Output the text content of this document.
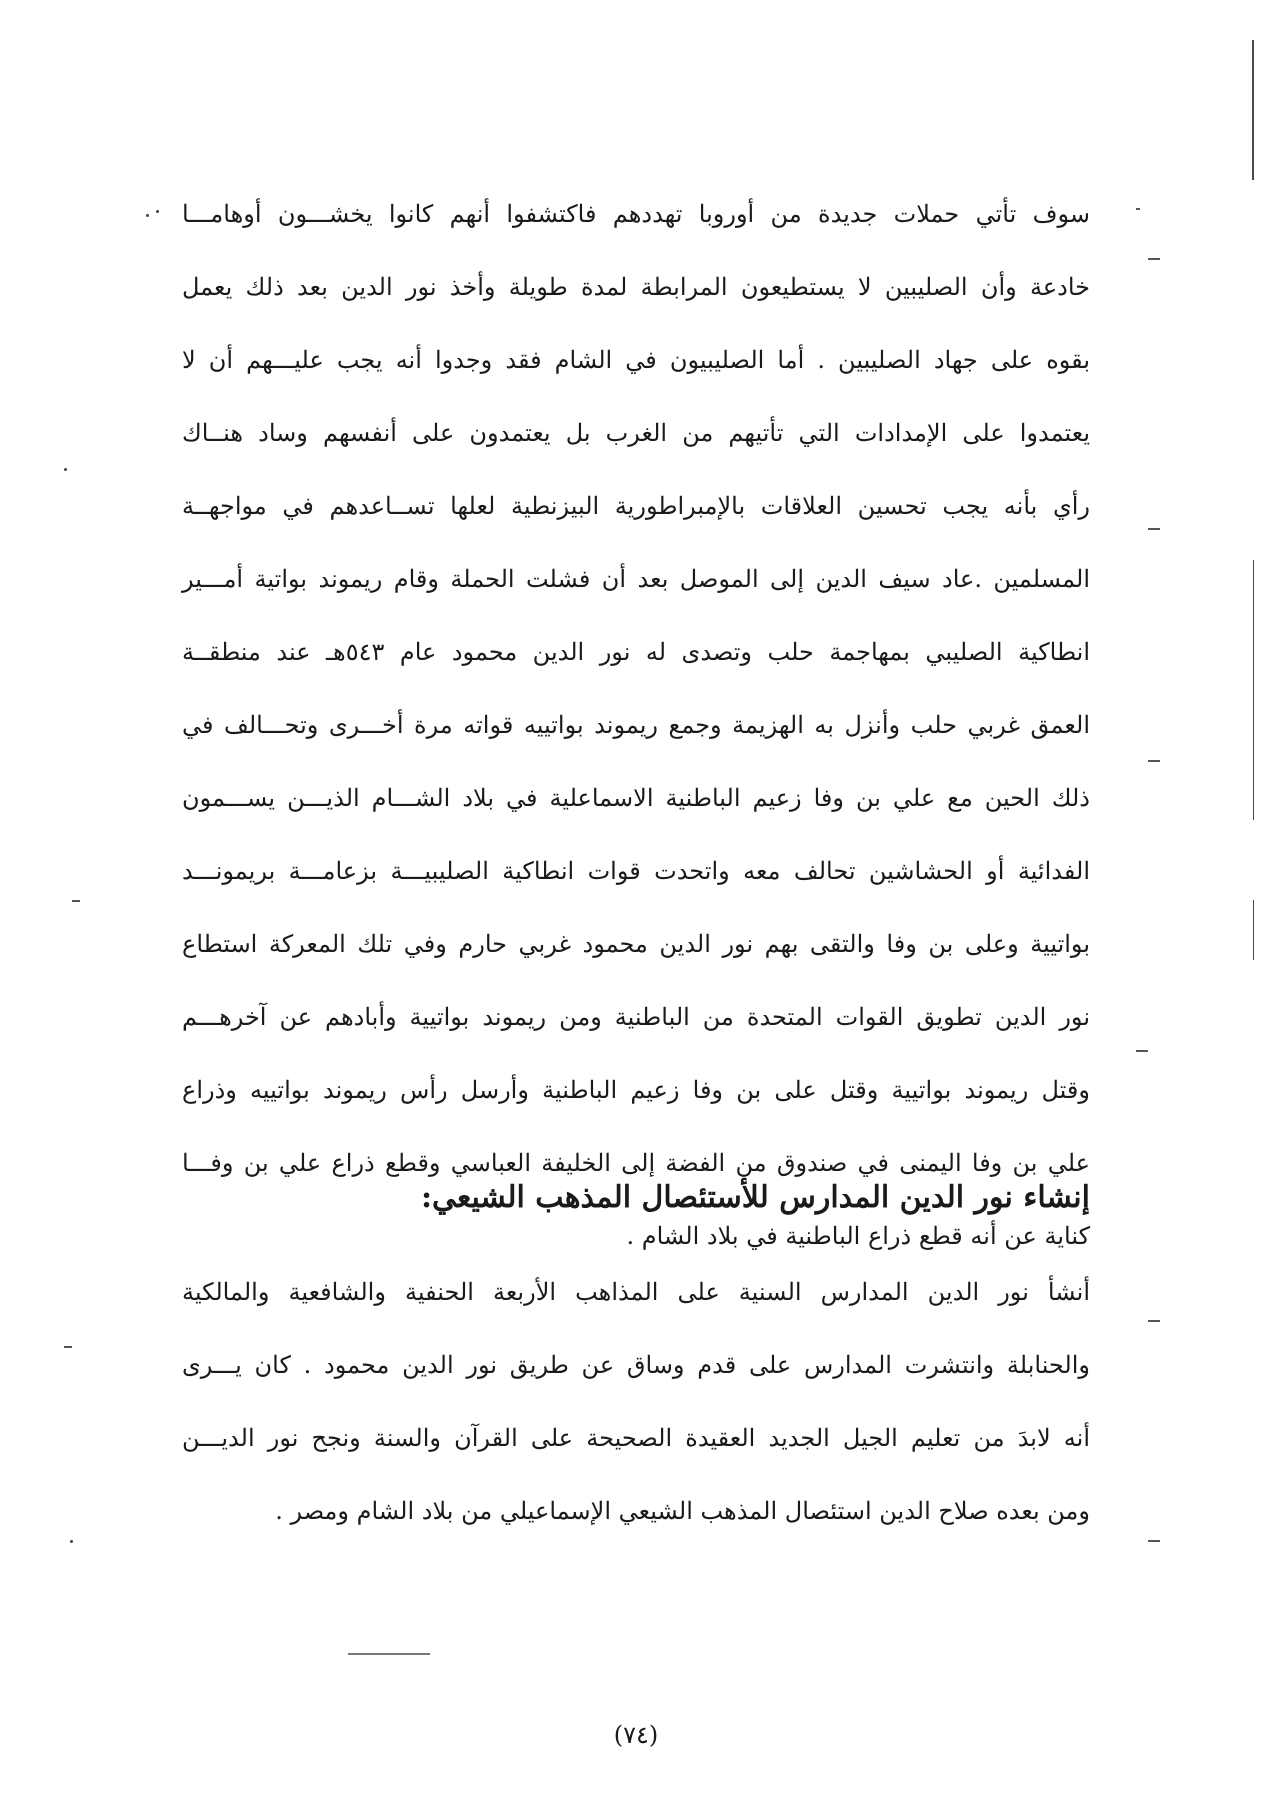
سوف تأتي حملات جديدة من أوروبا تهددهم فاكتشفوا أنهم كانوا يخشـــون أوهامـــا
خادعة وأن الصليبين لا يستطيعون المرابطة لمدة طويلة وأخذ نور الدين بعد ذلك يعمل
بقوه على جهاد الصليبين . أما الصليبيون في الشام فقد وجدوا أنه يجب عليـــهم أن لا
يعتمدوا على الإمدادات التي تأتيهم من الغرب بل يعتمدون على أنفسهم وساد هنــاك
رأي بأنه يجب تحسين العلاقات بالإمبراطورية البيزنطية لعلها تســاعدهم في مواجهــة
المسلمين .عاد سيف الدين إلى الموصل بعد أن فشلت الحملة وقام ريموند بواتية أمـــير
انطاكية الصليبي بمهاجمة حلب وتصدى له نور الدين محمود عام ٥٤٣هـ عند منطقــة
العمق غربي حلب وأنزل به الهزيمة وجمع ريموند بواتييه قواته مرة أخـــرى وتحـــالف في
ذلك الحين مع علي بن وفا زعيم الباطنية الاسماعلية في بلاد الشـــام الذيـــن يســـمون
الفدائية أو الحشاشين تحالف معه واتحدت قوات انطاكية الصليبيـــة بزعامـــة بريمونـــد
بواتيية وعلى بن وفا والتقى بهم نور الدين محمود غربي حارم وفي تلك المعركة استطاع
نور الدين تطويق القوات المتحدة من الباطنية ومن ريموند بواتيية وأبادهم عن آخرهـــم
وقتل ريموند بواتيية وقتل على بن وفا زعيم الباطنية وأرسل رأس ريموند بواتييه وذراع
علي بن وفا اليمنى في صندوق من الفضة إلى الخليفة العباسي وقطع ذراع علي بن وفـــا
كناية عن أنه قطع ذراع الباطنية في بلاد الشام .
إنشاء نور الدين المدارس للأستئصال المذهب الشيعي:
أنشأ نور الدين المدارس السنية على المذاهب الأربعة الحنفية والشافعية والمالكية
والحنابلة وانتشرت المدارس على قدم وساق عن طريق نور الدين محمود . كان يـــرى
أنه لابدَ من تعليم الجيل الجديد العقيدة الصحيحة على القرآن والسنة ونجح نور الديـــن
ومن بعده صلاح الدين استئصال المذهب الشيعي الإسماعيلي من بلاد الشام ومصر .
(٧٤)
